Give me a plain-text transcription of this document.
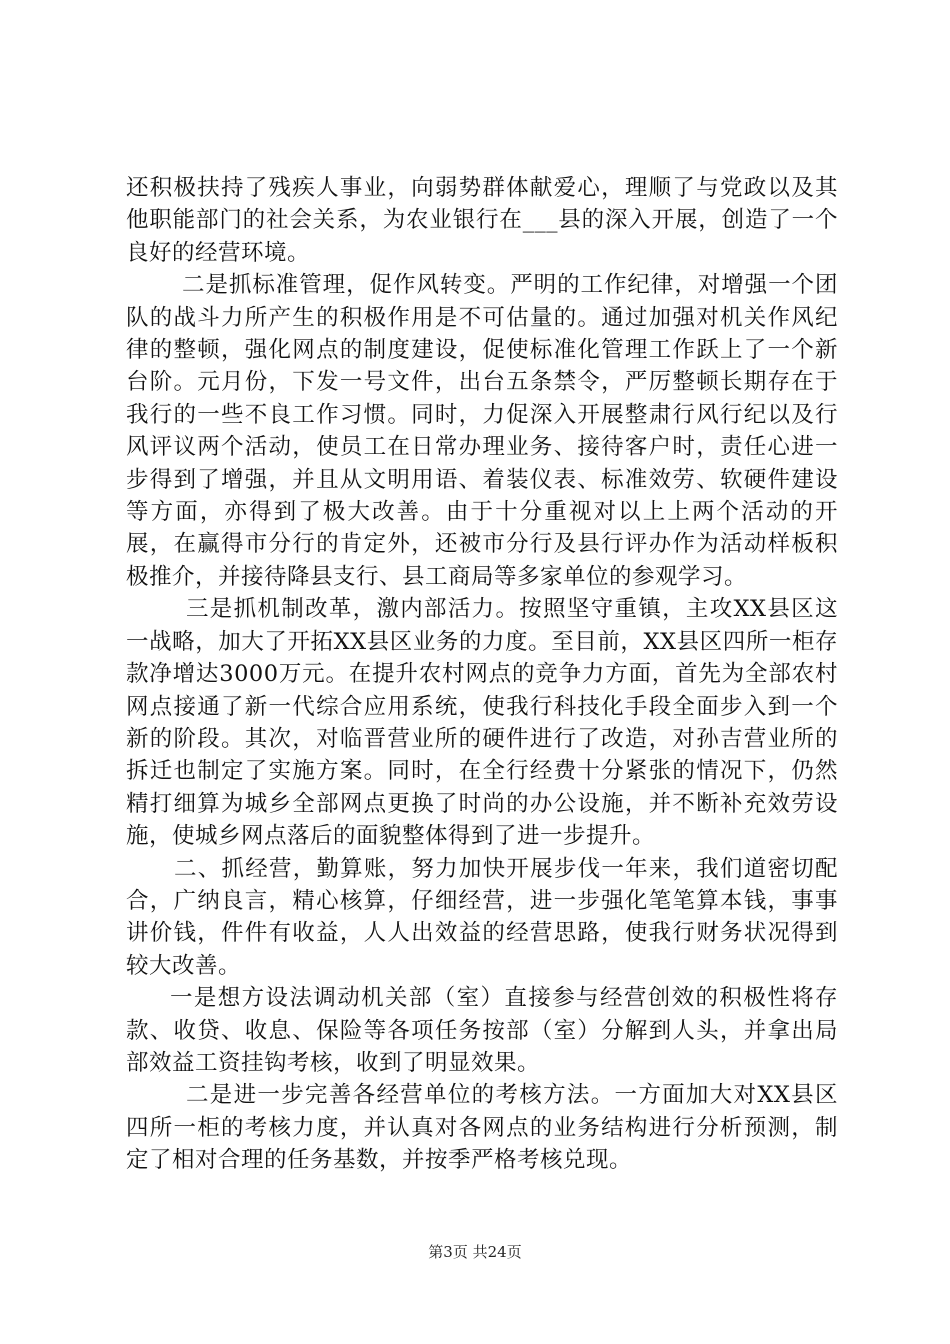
还积极扶持了残疾人事业，向弱势群体献爱心，理顺了与党政以及其他职能部门的社会关系，为农业银行在___县的深入开展，创造了一个良好的经营环境。

二是抓标准管理，促作风转变。严明的工作纪律，对增强一个团队的战斗力所产生的积极作用是不可估量的。通过加强对机关作风纪律的整顿，强化网点的制度建设，促使标准化管理工作跃上了一个新台阶。元月份，下发一号文件，出台五条禁令，严厉整顿长期存在于我行的一些不良工作习惯。同时，力促深入开展整肃行风行纪以及行风评议两个活动，使员工在日常办理业务、接待客户时，责任心进一步得到了增强，并且从文明用语、着装仪表、标准效劳、软硬件建设等方面，亦得到了极大改善。由于十分重视对以上上两个活动的开展，在赢得市分行的肯定外，还被市分行及县行评办作为活动样板积极推介，并接待降县支行、县工商局等多家单位的参观学习。

三是抓机制改革，激内部活力。按照坚守重镇，主攻XX县区这一战略，加大了开拓XX县区业务的力度。至目前，XX县区四所一柜存款净增达3000万元。在提升农村网点的竞争力方面，首先为全部农村网点接通了新一代综合应用系统，使我行科技化手段全面步入到一个新的阶段。其次，对临晋营业所的硬件进行了改造，对孙吉营业所的拆迁也制定了实施方案。同时，在全行经费十分紧张的情况下，仍然精打细算为城乡全部网点更换了时尚的办公设施，并不断补充效劳设施，使城乡网点落后的面貌整体得到了进一步提升。

二、抓经营，勤算账，努力加快开展步伐一年来，我们道密切配合，广纳良言，精心核算，仔细经营，进一步强化笔笔算本钱，事事讲价钱，件件有收益，人人出效益的经营思路，使我行财务状况得到较大改善。

一是想方设法调动机关部（室）直接参与经营创效的积极性将存款、收贷、收息、保险等各项任务按部（室）分解到人头，并拿出局部效益工资挂钩考核，收到了明显效果。

二是进一步完善各经营单位的考核方法。一方面加大对XX县区四所一柜的考核力度，并认真对各网点的业务结构进行分析预测，制定了相对合理的任务基数，并按季严格考核兑现。

第3页 共24页
